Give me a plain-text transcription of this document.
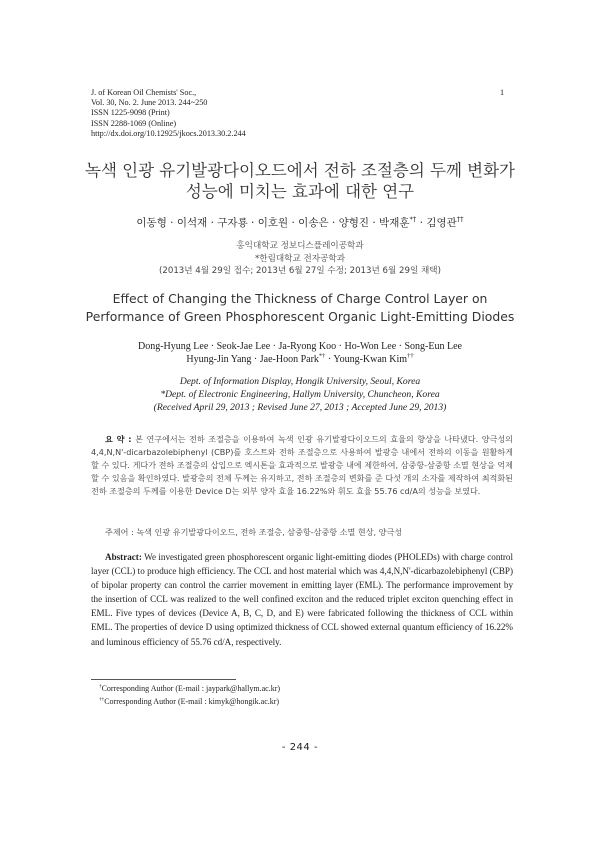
J. of Korean Oil Chemists' Soc.,
Vol. 30, No. 2. June 2013. 244~250
ISSN 1225-9098 (Print)
ISSN 2288-1069 (Online)
http://dx.doi.org/10.12925/jkocs.2013.30.2.244
1
녹색 인광 유기발광다이오드에서 전하 조절층의 두께 변화가
성능에 미치는 효과에 대한 연구
이동형 · 이석재 · 구자룡 · 이호원 · 이송은 · 양형진 · 박재훈*† · 김영관††
홍익대학교 정보디스플레이공학과
*한림대학교 전자공학과
(2013년 4월 29일 접수; 2013년 6월 27일 수정; 2013년 6월 29일 채택)
Effect of Changing the Thickness of Charge Control Layer on
Performance of Green Phosphorescent Organic Light-Emitting Diodes
Dong-Hyung Lee · Seok-Jae Lee · Ja-Ryong Koo · Ho-Won Lee · Song-Eun Lee
Hyung-Jin Yang · Jae-Hoon Park*† · Young-Kwan Kim††
Dept. of Information Display, Hongik University, Seoul, Korea
*Dept. of Electronic Engineering, Hallym University, Chuncheon, Korea
(Received April 29, 2013 ; Revised June 27, 2013 ; Accepted June 29, 2013)
요 약 : 본 연구에서는 전하 조절층을 이용하여 녹색 인광 유기발광다이오드의 효율의 향상을 나타냈다. 양극성의 4,4,N,N'-dicarbazolebiphenyl (CBP)를 호스트와 전하 조절층으로 사용하여 발광층 내에서 전하의 이동을 원활하게 할 수 있다. 게다가 전하 조절층의 삽입으로 엑시톤을 효과적으로 발광층 내에 제한하여, 삼중항-삼중항 소멸 현상을 억제할 수 있음을 확인하였다. 발광층의 전체 두께는 유지하고, 전하 조절층의 변화를 준 다섯 개의 소자를 제작하여 최적화된 전하 조절층의 두께를 이용한 Device D는 외부 양자 효율 16.22%와 휘도 효율 55.76 cd/A의 성능을 보였다.
주제어 : 녹색 인광 유기발광다이오드, 전하 조절층, 삼중항-삼중항 소멸 현상, 양극성
Abstract: We investigated green phosphorescent organic light-emitting diodes (PHOLEDs) with charge control layer (CCL) to produce high efficiency. The CCL and host material which was 4,4,N,N'-dicarbazolebiphenyl (CBP) of bipolar property can control the carrier movement in emitting layer (EML). The performance improvement by the insertion of CCL was realized to the well confined exciton and the reduced triplet exciton quenching effect in EML. Five types of devices (Device A, B, C, D, and E) were fabricated following the thickness of CCL within EML. The properties of device D using optimized thickness of CCL showed external quantum efficiency of 16.22% and luminous efficiency of 55.76 cd/A, respectively.
†Corresponding Author (E-mail : jaypark@hallym.ac.kr)
††Corresponding Author (E-mail : kimyk@hongik.ac.kr)
- 244 -
